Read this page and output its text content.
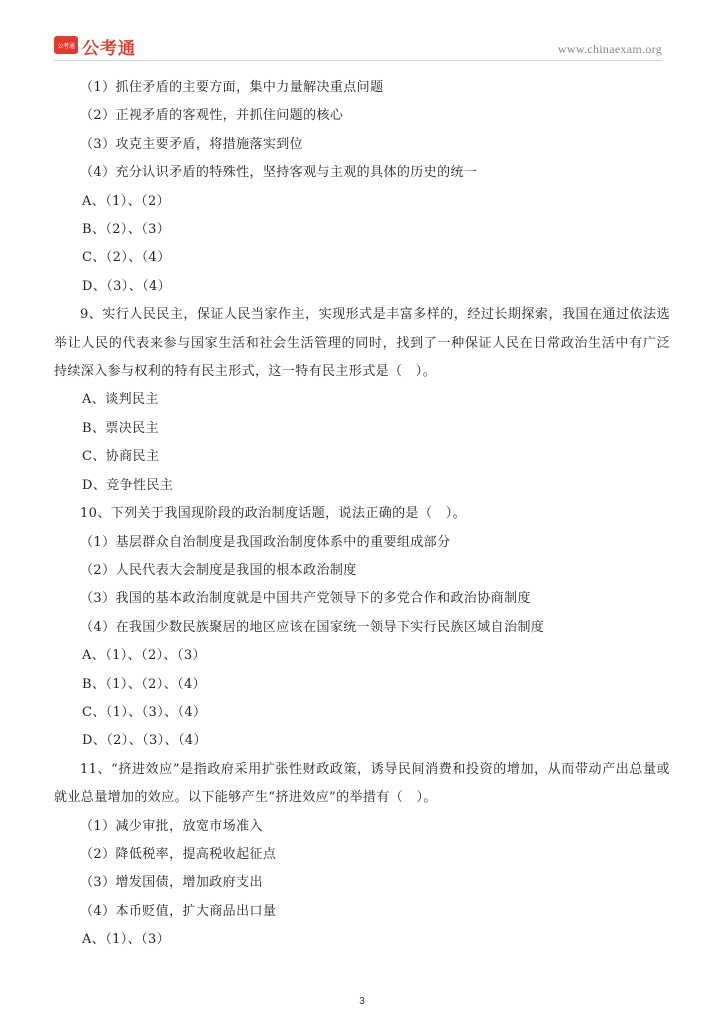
公考通 公考通	www.chinaexam.org
（1）抓住矛盾的主要方面，集中力量解决重点问题
（2）正视矛盾的客观性，并抓住问题的核心
（3）攻克主要矛盾，将措施落实到位
（4）充分认识矛盾的特殊性，坚持客观与主观的具体的历史的统一
A、（1）、（2）
B、（2）、（3）
C、（2）、（4）
D、（3）、（4）

9、实行人民民主，保证人民当家作主，实现形式是丰富多样的，经过长期探索，我国在通过依法选举让人民的代表来参与国家生活和社会生活管理的同时，找到了一种保证人民在日常政治生活中有广泛持续深入参与权利的特有民主形式，这一特有民主形式是（　）。

A、谈判民主
B、票决民主
C、协商民主
D、竞争性民主
10、下列关于我国现阶段的政治制度话题，说法正确的是（　）。
（1）基层群众自治制度是我国政治制度体系中的重要组成部分
（2）人民代表大会制度是我国的根本政治制度
（3）我国的基本政治制度就是中国共产党领导下的多党合作和政治协商制度
（4）在我国少数民族聚居的地区应该在国家统一领导下实行民族区域自治制度
A、（1）、（2）、（3）
B、（1）、（2）、（4）
C、（1）、（3）、（4）
D、（2）、（3）、（4）

11、“挤进效应”是指政府采用扩张性财政政策，诱导民间消费和投资的增加，从而带动产出总量或就业总量增加的效应。以下能够产生“挤进效应”的举措有（　）。

（1）减少审批，放宽市场准入
（2）降低税率，提高税收起征点
（3）增发国债，增加政府支出
（4）本币贬值，扩大商品出口量
A、（1）、（3）
3
